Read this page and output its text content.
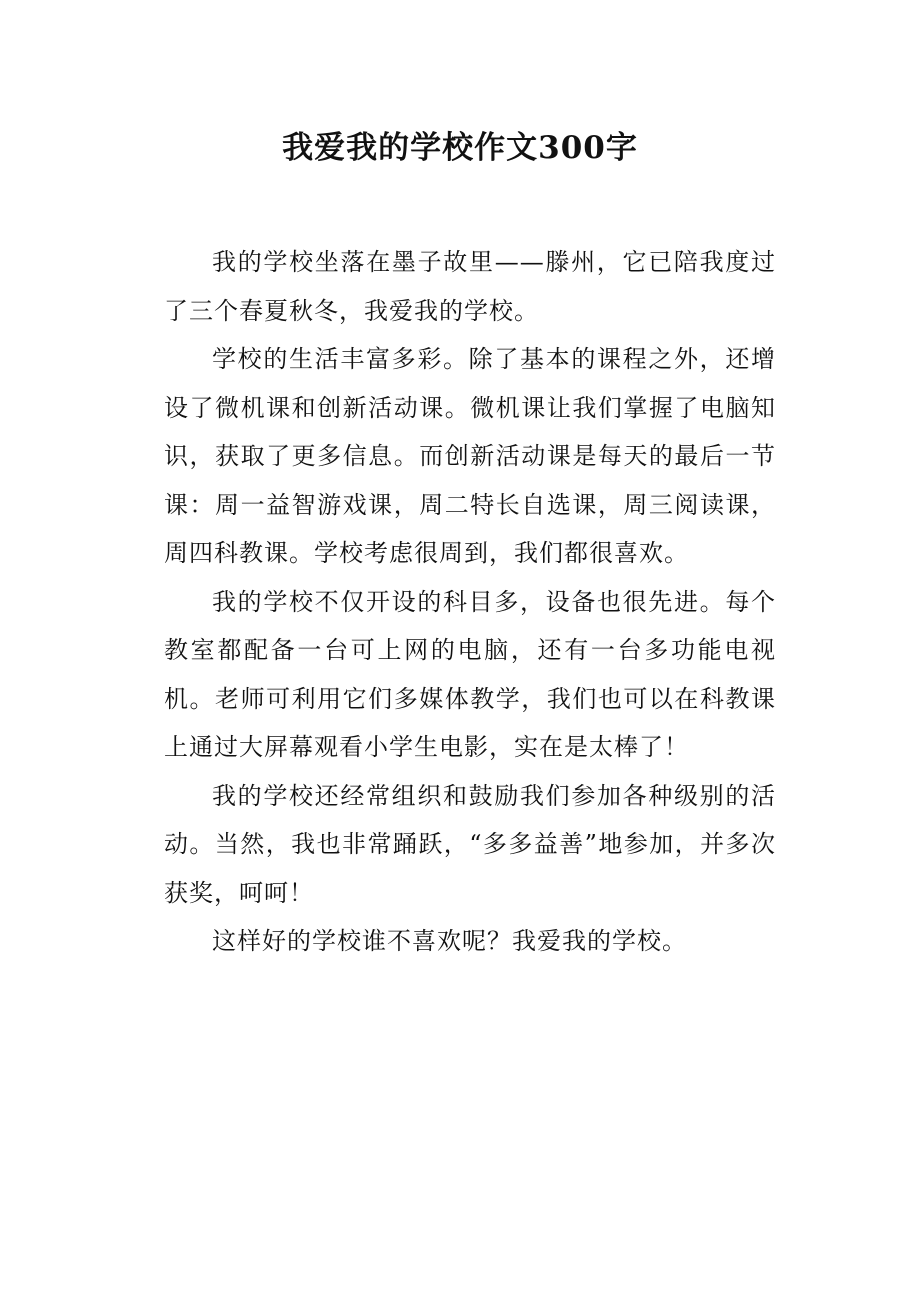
我爱我的学校作文300字

我的学校坐落在墨子故里——滕州，它已陪我度过了三个春夏秋冬，我爱我的学校。

学校的生活丰富多彩。除了基本的课程之外，还增设了微机课和创新活动课。微机课让我们掌握了电脑知识，获取了更多信息。而创新活动课是每天的最后一节课：周一益智游戏课，周二特长自选课，周三阅读课，周四科教课。学校考虑很周到，我们都很喜欢。

我的学校不仅开设的科目多，设备也很先进。每个教室都配备一台可上网的电脑，还有一台多功能电视机。老师可利用它们多媒体教学，我们也可以在科教课上通过大屏幕观看小学生电影，实在是太棒了！

我的学校还经常组织和鼓励我们参加各种级别的活动。当然，我也非常踊跃，“多多益善”地参加，并多次获奖，呵呵！

这样好的学校谁不喜欢呢？我爱我的学校。
